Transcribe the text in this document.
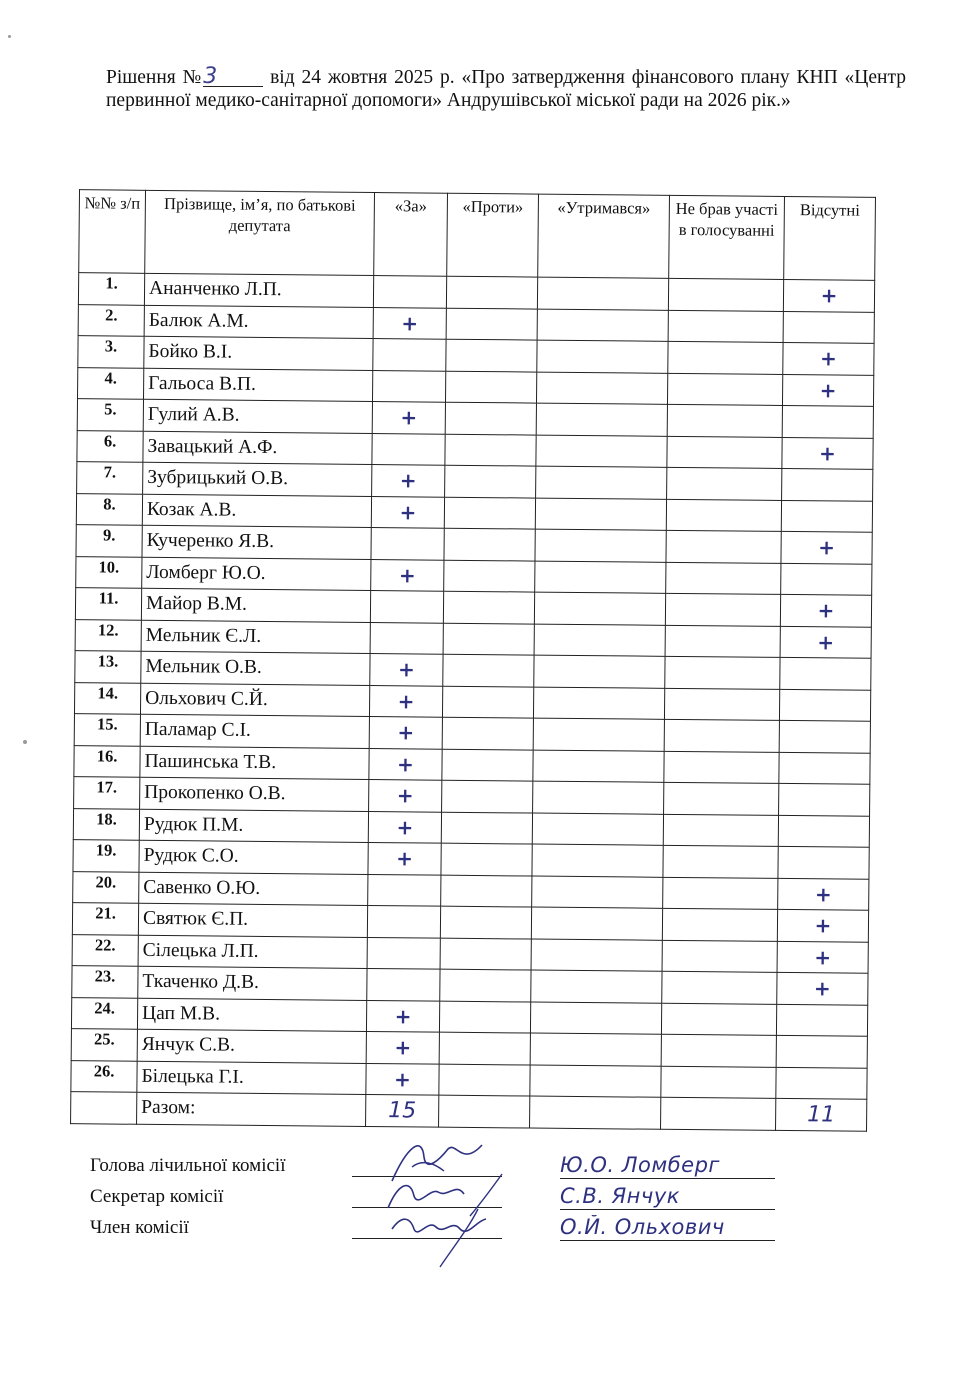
Рішення №3	від 24 жовтня 2025 р. «Про затвердження фінансового плану КНП «Центр первинної медико-санітарної допомоги» Андрушівської міської ради на 2026 рік.»
№№ з/п	Прізвище, ім’я, по батькові депутата	«За»	«Проти»	«Утримався»	Не брав участі в голосуванні	Відсутні
1.	Ананченко Л.П.					+
2.	Балюк А.М.	+				
3.	Бойко В.І.					+
4.	Гальоса В.П.					+
5.	Гулий А.В.	+				
6.	Завацький А.Ф.					+
7.	Зубрицький О.В.	+				
8.	Козак А.В.	+				
9.	Кучеренко Я.В.					+
10.	Ломберг Ю.О.	+				
11.	Майор В.М.					+
12.	Мельник Є.Л.					+
13.	Мельник О.В.	+				
14.	Ольхович С.Й.	+				
15.	Паламар С.І.	+				
16.	Пашинська Т.В.	+				
17.	Прокопенко О.В.	+				
18.	Рудюк П.М.	+				
19.	Рудюк С.О.	+				
20.	Савенко О.Ю.					+
21.	Святюк Є.П.					+
22.	Сілецька Л.П.					+
23.	Ткаченко Д.В.					+
24.	Цап М.В.	+				
25.	Янчук С.В.	+				
26.	Білецька Г.І.	+				
	Разом:	15				11
Голова лічильної комісії	Ю.О. Ломберг
Секретар комісії	С.В. Янчук
Член комісії	О.Й. Ольхович
